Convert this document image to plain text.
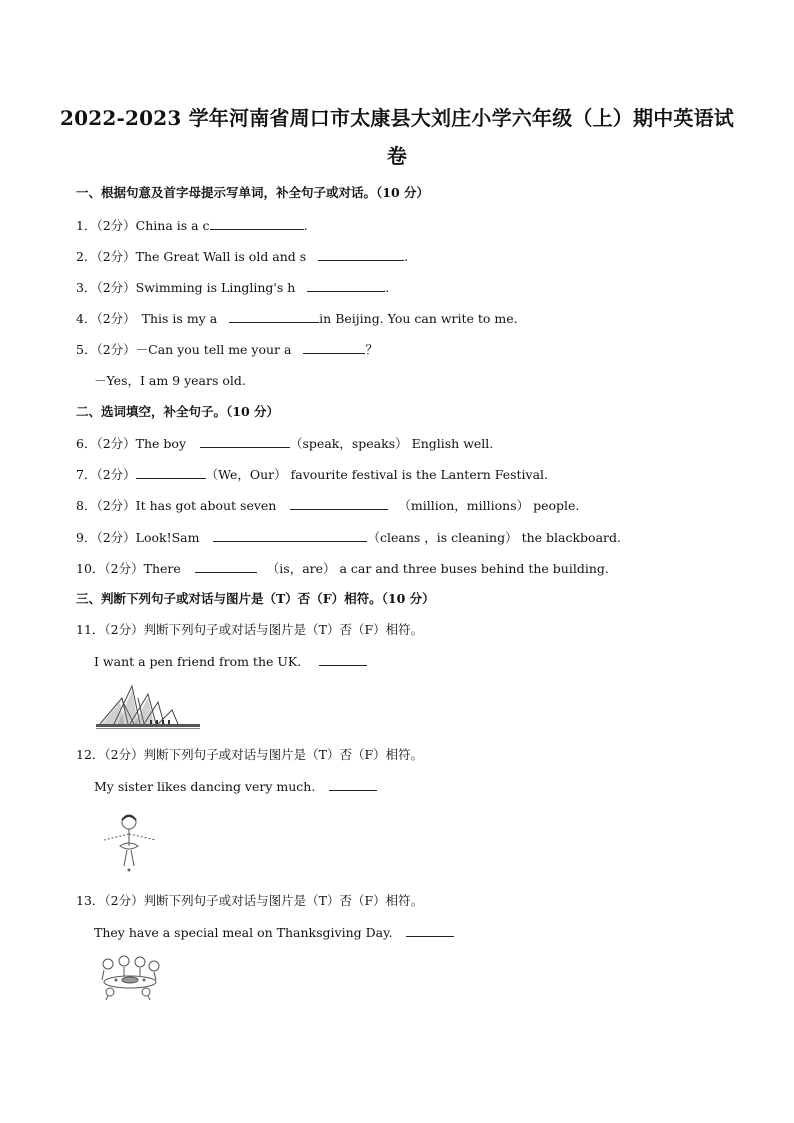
2022-2023 学年河南省周口市太康县大刘庄小学六年级（上）期中英语试
卷
一、根据句意及首字母提示写单词，补全句子或对话。（10 分）
1．（2分）China is a c	.
2．（2分）The Great Wall is old and s	.
3．（2分）Swimming is Lingling's h	.
4．（2分） This is my a	in Beijing. You can write to me.
5．（2分）－Can you tell me your a	？
－Yes，I am 9 years old.
二、选词填空，补全句子。（10 分）
6．（2分）The boy	（speak，speaks） English well.
7．（2分）	（We，Our） favourite festival is the Lantern Festival.
8．（2分）It has got about seven	（million，millions） people.
9．（2分）Look!Sam	（cleans ，is cleaning） the blackboard.
10．（2分）There	（is，are） a car and three buses behind the building.
三、判断下列句子或对话与图片是（T）否（F）相符。（10 分）
11．（2分）判断下列句子或对话与图片是（T）否（F）相符。
I want a pen friend from the UK.
12．（2分）判断下列句子或对话与图片是（T）否（F）相符。
My sister likes dancing very much.
13．（2分）判断下列句子或对话与图片是（T）否（F）相符。
They have a special meal on Thanksgiving Day.
